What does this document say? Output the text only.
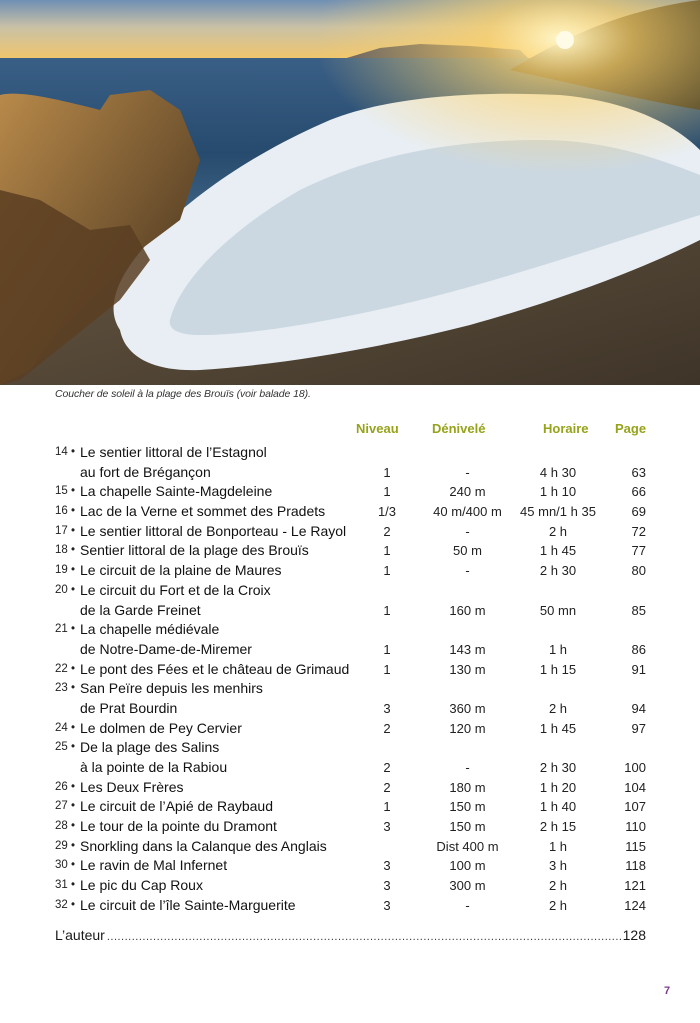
Coucher de soleil à la plage des Brouïs (voir balade 18).
Niveau	Dénivelé	Horaire Page
14 • Le sentier littoral de l’Estagnol
au fort de Brégançon	1	-	4 h 30	63
15 • La chapelle Sainte-Magdeleine	1	240 m	1 h 10	66
16 • Lac de la Verne et sommet des Pradets	1/3	40 m/400 m	45 mn/1 h 35	69
17 • Le sentier littoral de Bonporteau - Le Rayol	2	-	2 h	72
18 • Sentier littoral de la plage des Brouïs	1	50 m	1 h 45	77
19 • Le circuit de la plaine de Maures	1	-	2 h 30	80
20 • Le circuit du Fort et de la Croix
de la Garde Freinet	1	160 m	50 mn	85
21 • La chapelle médiévale
de Notre-Dame-de-Miremer	1	143 m	1 h	86
22 • Le pont des Fées et le château de Grimaud	1	130 m	1 h 15	91
23 • San Peïre depuis les menhirs
de Prat Bourdin	3	360 m	2 h	94
24 • Le dolmen de Pey Cervier	2	120 m	1 h 45	97
25 • De la plage des Salins
à la pointe de la Rabiou	2	-	2 h 30	100
26 • Les Deux Frères	2	180 m	1 h 20	104
27 • Le circuit de l’Apié de Raybaud	1	150 m	1 h 40	107
28 • Le tour de la pointe du Dramont	3	150 m	2 h 15	110
29 • Snorkling dans la Calanque des Anglais	Dist 400 m	1 h	115
30 • Le ravin de Mal Infernet	3	100 m	3 h	118
31 • Le pic du Cap Roux	3	300 m	2 h	121
32 • Le circuit de l’île Sainte-Marguerite	3	-	2 h	124
L’auteur
.....	128
7
